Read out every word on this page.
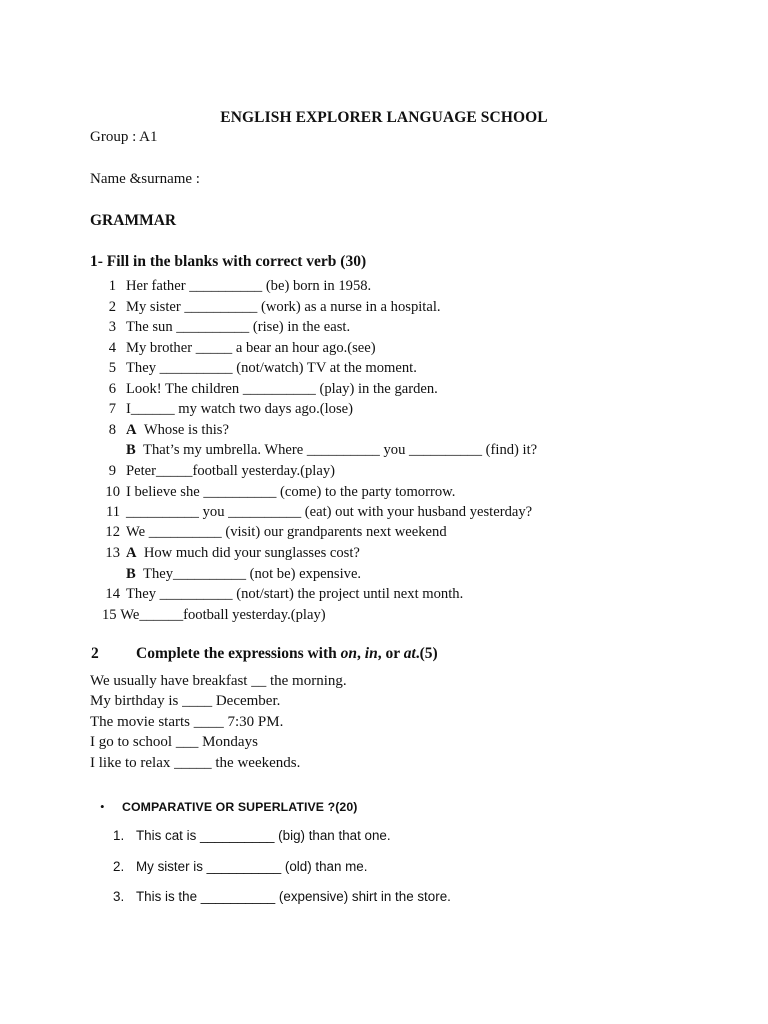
ENGLISH EXPLORER LANGUAGE SCHOOL
Group : A1
Name &surname :
GRAMMAR
1- Fill in the blanks with correct verb (30)
1 Her father __________ (be) born in 1958.
2 My sister __________ (work) as a nurse in a hospital.
3 The sun __________ (rise) in the east.
4 My brother _____ a bear an hour ago.(see)
5 They __________ (not/watch) TV at the moment.
6 Look! The children __________ (play) in the garden.
7 I______ my watch two days ago.(lose)
8 A Whose is this?
B That’s my umbrella. Where __________ you __________ (find) it?
9 Peter_____football yesterday.(play)
10 I believe she __________ (come) to the party tomorrow.
11 __________ you __________ (eat) out with your husband yesterday?
12 We __________ (visit) our grandparents next weekend
13 A How much did your sunglasses cost?
B They__________ (not be) expensive.
14 They __________ (not/start) the project until next month.
15 We______football yesterday.(play)
2 Complete the expressions with on, in, or at.(5)
We usually have breakfast __ the morning.
My birthday is ____ December.
The movie starts ____ 7:30 PM.
I go to school ___ Mondays
I like to relax _____ the weekends.
• COMPARATIVE OR SUPERLATIVE ?(20)
1. This cat is __________ (big) than that one.
2. My sister is __________ (old) than me.
3. This is the __________ (expensive) shirt in the store.
